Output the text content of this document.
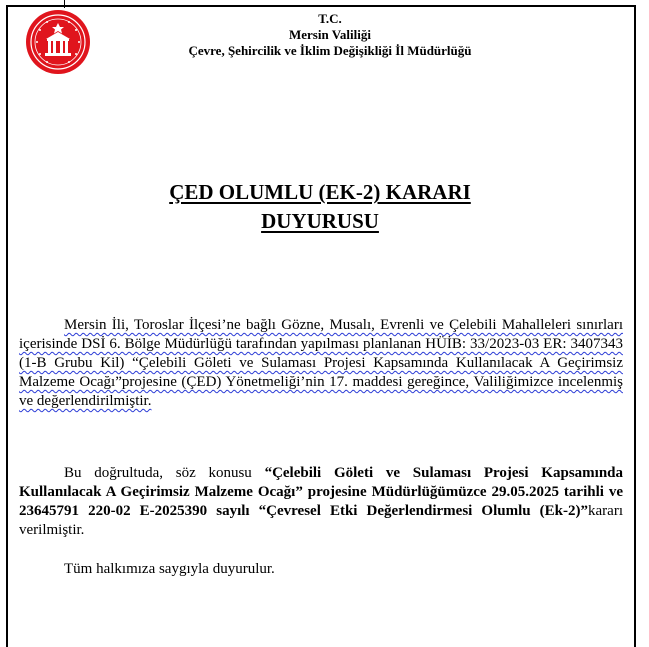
T.C.
Mersin Valiliği
Çevre, Şehircilik ve İklim Değişikliği İl Müdürlüğü
ÇED OLUMLU (EK-2) KARARI
DUYURUSU
Mersin İli, Toroslar İlçesi’ne bağlı Gözne, Musalı, Evrenli ve Çelebili Mahalleleri sınırları içerisinde DSİ 6. Bölge Müdürlüğü tarafından yapılması planlanan HÜİB: 33/2023-03 ER: 3407343 (1-B Grubu Kil) “Çelebili Göleti ve Sulaması Projesi Kapsamında Kullanılacak A Geçirimsiz Malzeme Ocağı”projesine (ÇED) Yönetmeliği’nin 17. maddesi gereğince, Valiliğimizce incelenmiş ve değerlendirilmiştir.
Bu doğrultuda, söz konusu “Çelebili Göleti ve Sulaması Projesi Kapsamında Kullanılacak A Geçirimsiz Malzeme Ocağı” projesine Müdürlüğümüzce 29.05.2025 tarihli ve 23645791 220-02 E-2025390 sayılı “Çevresel Etki Değerlendirmesi Olumlu (Ek-2)”kararı verilmiştir.
Tüm halkımıza saygıyla duyurulur.
